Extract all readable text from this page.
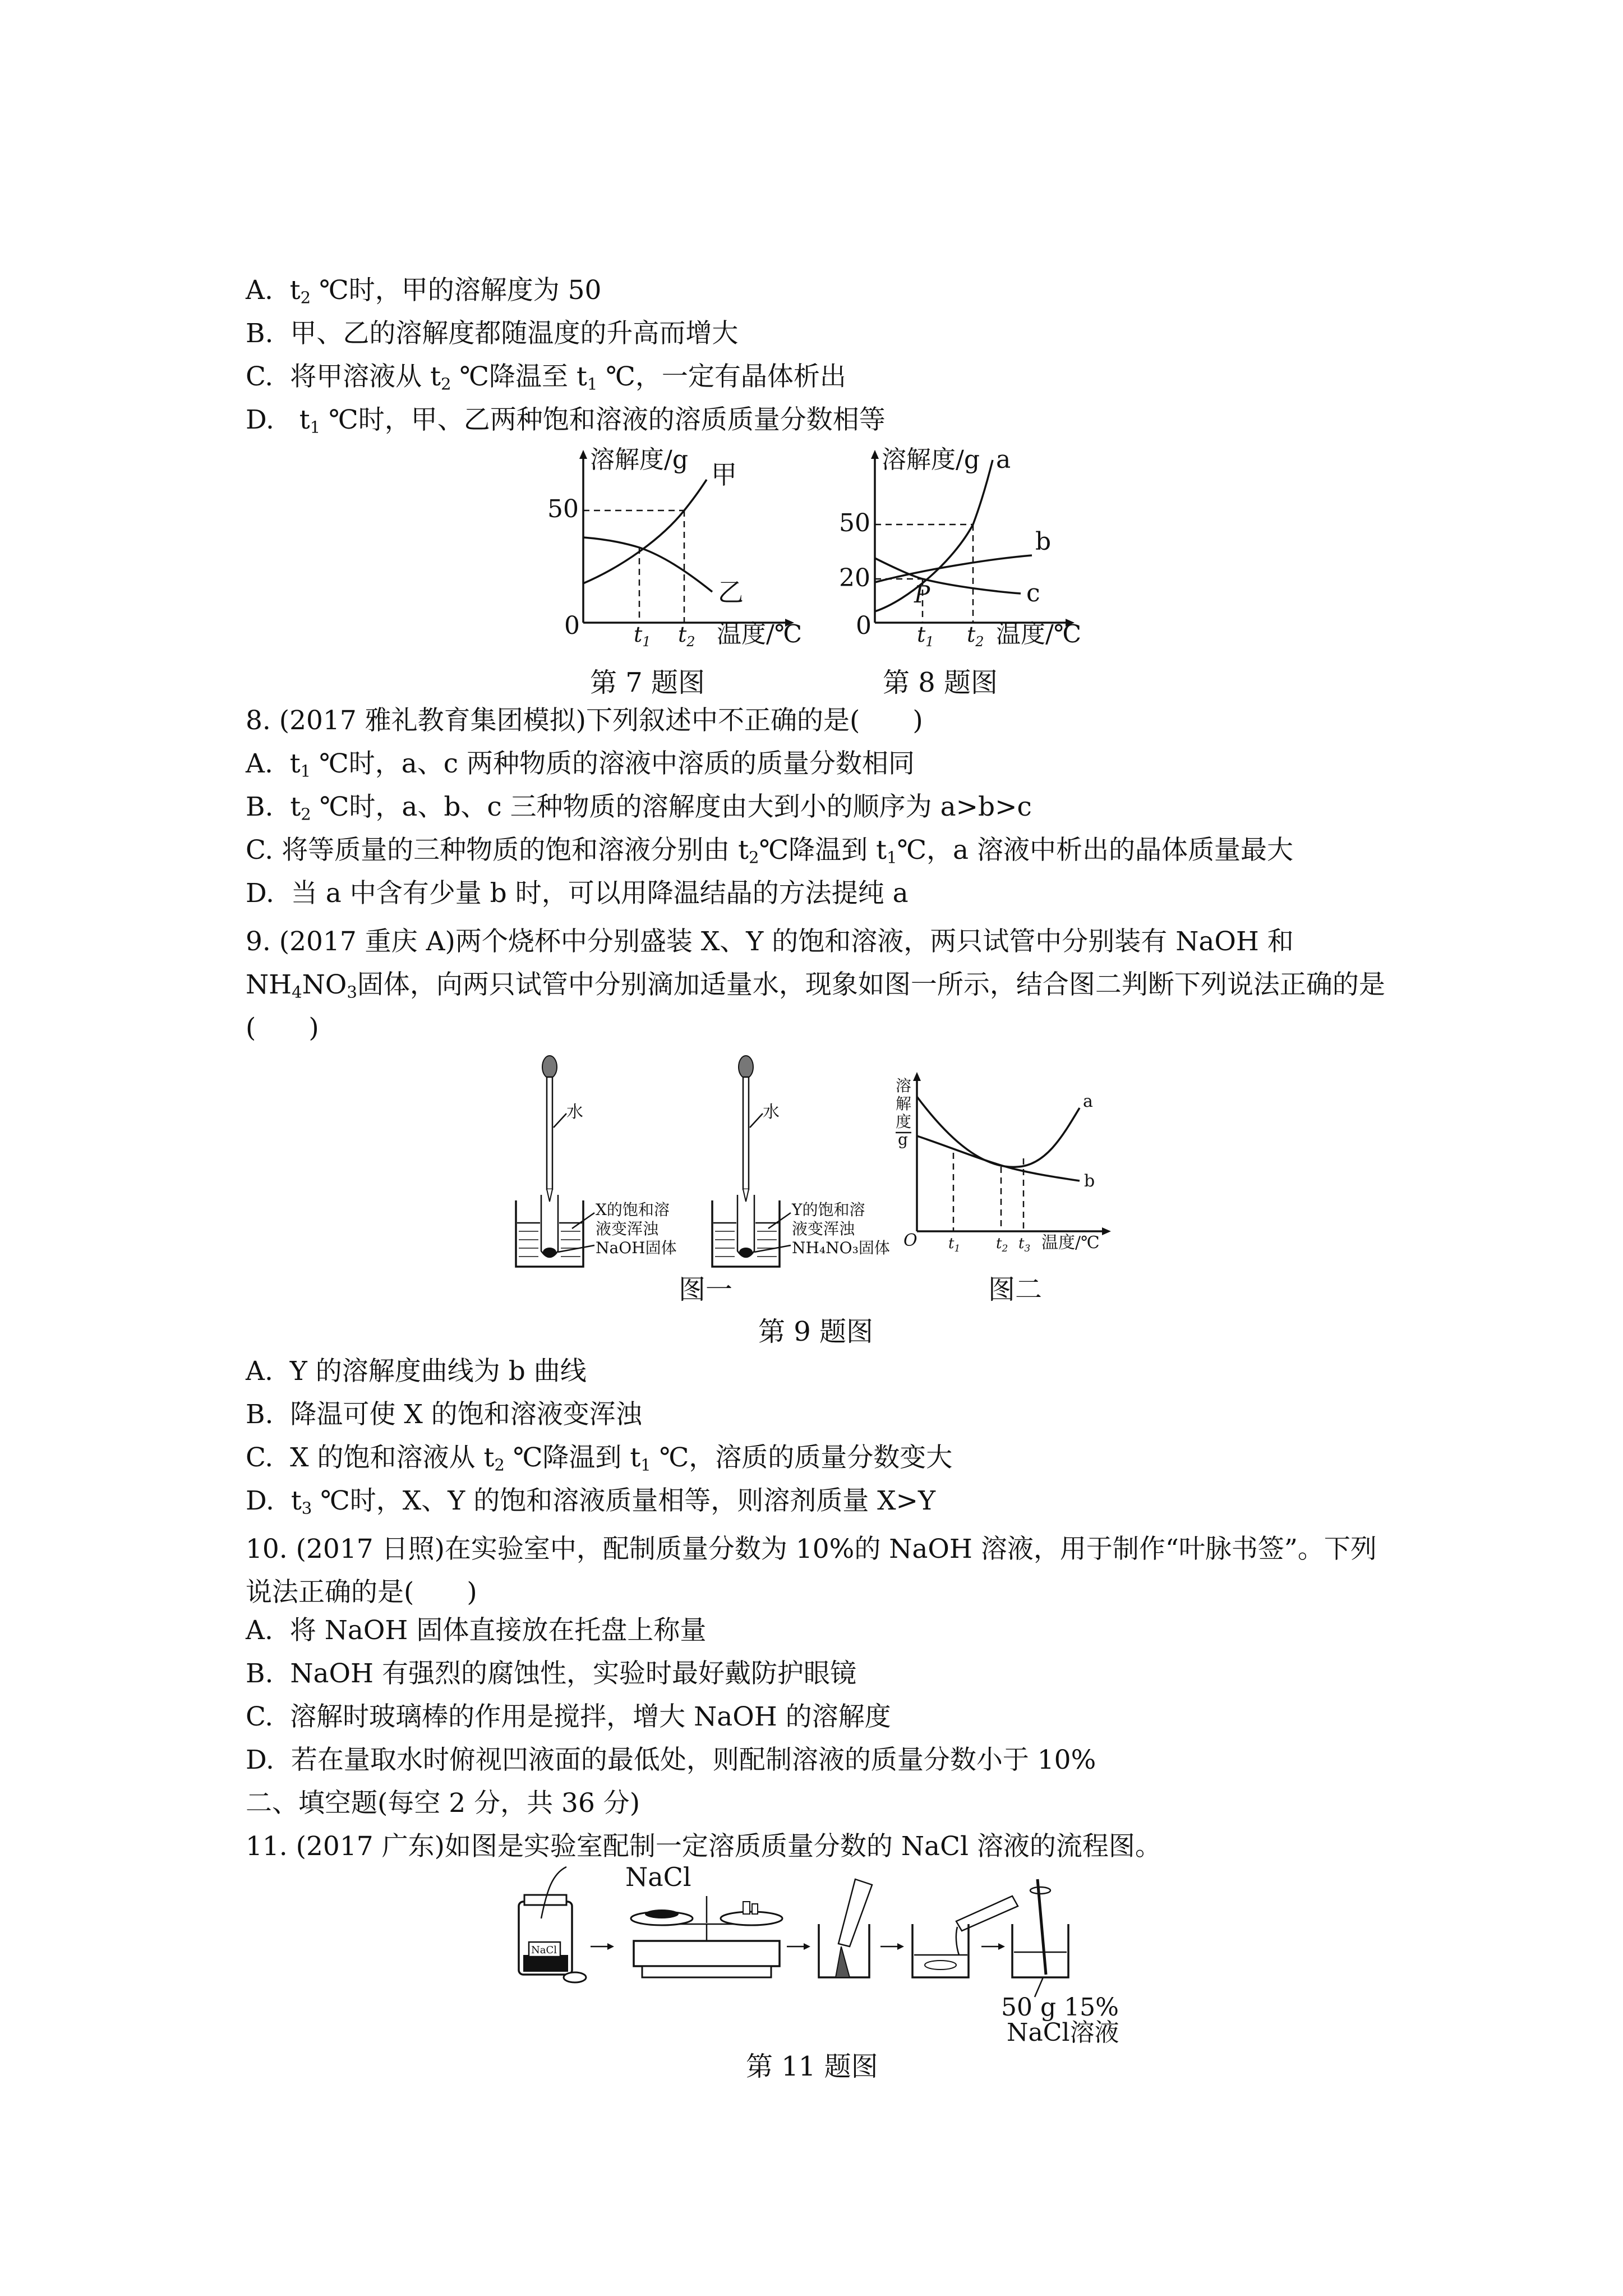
A. $t_2$ ℃时，甲的溶解度为 50
B. 甲、乙的溶解度都随温度的升高而增大
C. 将甲溶液从 $t_2$ ℃降温至 $t_1$ ℃，一定有晶体析出
D. $t_1$ ℃时，甲、乙两种饱和溶液的溶质质量分数相等
溶解度/g
0
50
甲
乙
$t_1$ $t_2$ 温度/℃
第 7 题图
溶解度/g
0
50
20
a
b
c
P
$t_1$ $t_2$ 温度/℃
第 8 题图
8. (2017 雅礼教育集团模拟)下列叙述中不正确的是(　　)
A. $t_1$ ℃时，a、c 两种物质的溶液中溶质的质量分数相同
B. $t_2$ ℃时，a、b、c 三种物质的溶解度由大到小的顺序为 a>b>c
C. 将等质量的三种物质的饱和溶液分别由 $t_2℃$降温到 $t_1℃$，a 溶液中析出的晶体质量最大
D. 当 a 中含有少量 b 时，可以用降温结晶的方法提纯 a
9. (2017 重庆 A)两个烧杯中分别盛装 X、Y 的饱和溶液，两只试管中分别装有 NaOH 和 $NH_4NO_3$固体，向两只试管中分别滴加适量水，现象如图一所示，结合图二判断下列说法正确的是(　　)
水
X的饱和溶
液变浑浊
NaOH固体
水
Y的饱和溶
液变浑浊
NH₄NO₃固体
图一
溶
解
度
g
O
a
b
$t_1$ $t_2$ $t_3$ 温度/℃
图二
第 9 题图
A. Y 的溶解度曲线为 b 曲线
B. 降温可使 X 的饱和溶液变浑浊
C. X 的饱和溶液从 $t_2$ ℃降温到 $t_1$ ℃，溶质的质量分数变大
D. $t_3$ ℃时，X、Y 的饱和溶液质量相等，则溶剂质量 X>Y
10. (2017 日照)在实验室中，配制质量分数为 10%的 NaOH 溶液，用于制作“叶脉书签”。下列说法正确的是(　　)
A. 将 NaOH 固体直接放在托盘上称量
B. NaOH 有强烈的腐蚀性，实验时最好戴防护眼镜
C. 溶解时玻璃棒的作用是搅拌，增大 NaOH 的溶解度
D. 若在量取水时俯视凹液面的最低处，则配制溶液的质量分数小于 10%
二、填空题(每空 2 分，共 36 分)
11. (2017 广东)如图是实验室配制一定溶质质量分数的 NaCl 溶液的流程图。
NaCl
NaCl
50 g 15%
NaCl溶液
第 11 题图
